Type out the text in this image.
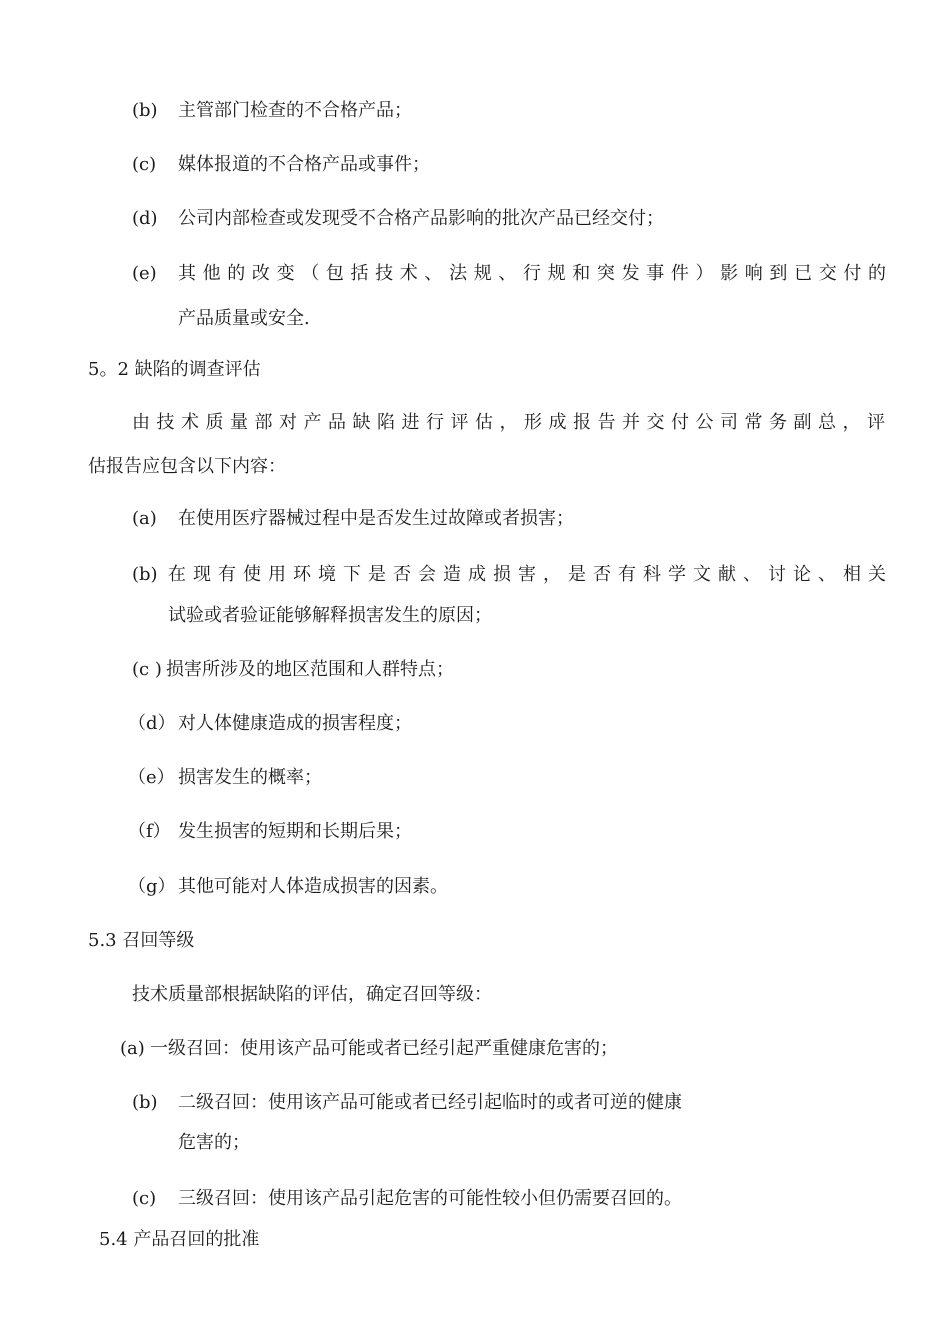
(b) 主管部门检查的不合格产品；
(c) 媒体报道的不合格产品或事件；
(d) 公司内部检查或发现受不合格产品影响的批次产品已经交付；
(e) 其他的改变（包括技术、法规、行规和突发事件）影响到已交付的
产品质量或安全.
5。2 缺陷的调查评估
由技术质量部对产品缺陷进行评估，形成报告并交付公司常务副总，评
估报告应包含以下内容：
(a) 在使用医疗器械过程中是否发生过故障或者损害；
(b) 在现有使用环境下是否会造成损害，是否有科学文献、讨论、相关
试验或者验证能够解释损害发生的原因；
(c ) 损害所涉及的地区范围和人群特点；
（d） 对人体健康造成的损害程度；
（e） 损害发生的概率；
（f） 发生损害的短期和长期后果；
（g） 其他可能对人体造成损害的因素。
5.3 召回等级
技术质量部根据缺陷的评估，确定召回等级：
(a) 一级召回：使用该产品可能或者已经引起严重健康危害的；
(b) 二级召回：使用该产品可能或者已经引起临时的或者可逆的健康
危害的；
(c) 三级召回：使用该产品引起危害的可能性较小但仍需要召回的。
5.4 产品召回的批准
